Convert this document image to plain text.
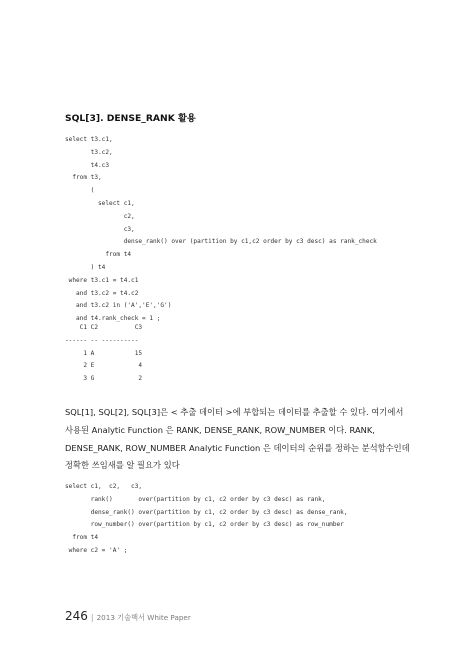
SQL[3]. DENSE_RANK 활용
select t3.c1,
t3.c2,
t4.c3
from t3,
(
select c1,
c2,
c3,
dense_rank() over (partition by c1,c2 order by c3 desc) as rank_check
from t4
) t4
where t3.c1 = t4.c1
and t3.c2 = t4.c2
and t3.c2 in ('A','E','G')
and t4.rank_check = 1 ;
C1 C2          C3
------ -- ----------
1 A           15
2 E            4
3 G            2
SQL[1], SQL[2], SQL[3]은 < 추출 데이터 >에 부합되는 데이터를 추출할 수 있다. 여기에서
사용된 Analytic Function 은 RANK, DENSE_RANK, ROW_NUMBER 이다. RANK,
DENSE_RANK, ROW_NUMBER Analytic Function 은 데이터의 순위를 정하는 분석함수인데
정확한 쓰임새를 알 필요가 있다
select c1,  c2,   c3,
rank()       over(partition by c1, c2 order by c3 desc) as rank,
dense_rank() over(partition by c1, c2 order by c3 desc) as dense_rank,
row_number() over(partition by c1, c2 order by c3 desc) as row_number
from t4
where c2 = 'A' ;
246 | 2013 기술백서 White Paper
